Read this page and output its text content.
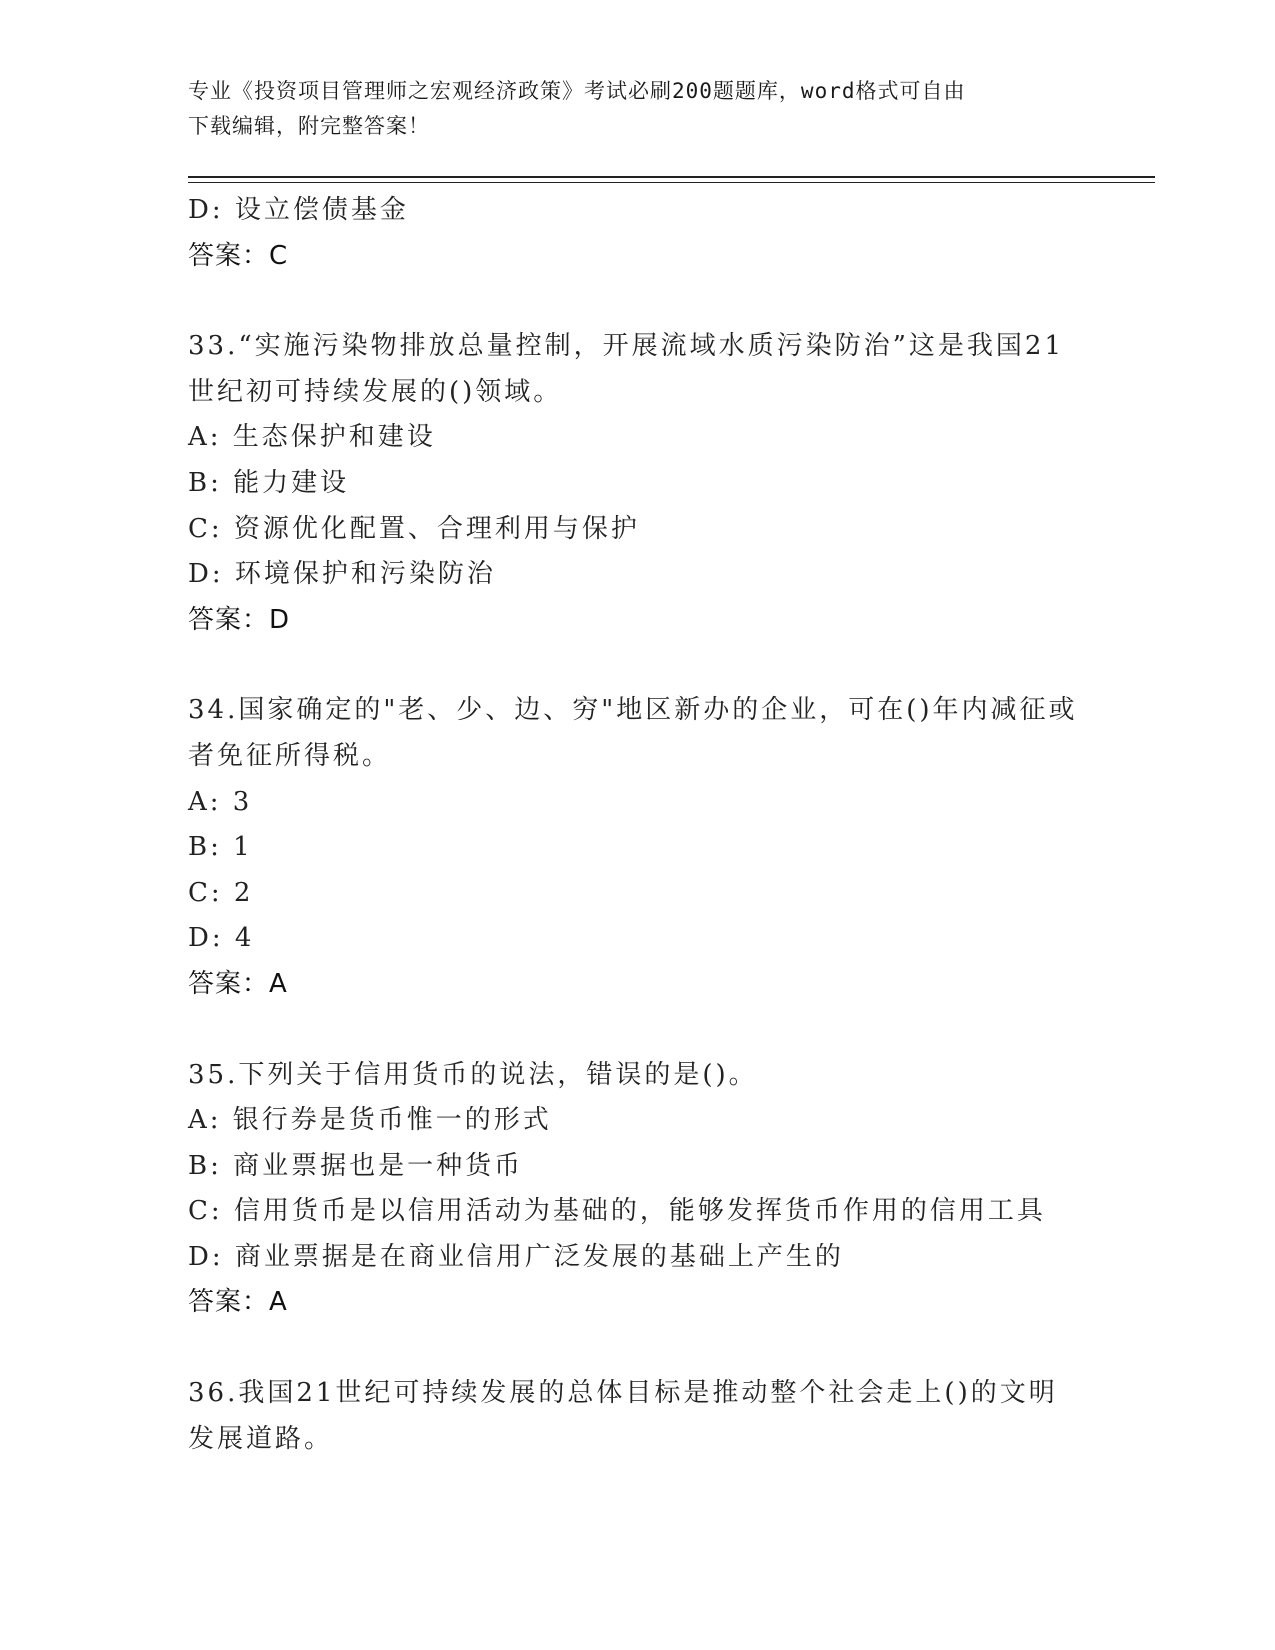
专业《投资项目管理师之宏观经济政策》考试必刷200题题库，word格式可自由
下载编辑，附完整答案！
D: 设立偿债基金
答案：C
33.“实施污染物排放总量控制，开展流域水质污染防治”这是我国21
世纪初可持续发展的()领域。
A: 生态保护和建设
B: 能力建设
C: 资源优化配置、合理利用与保护
D: 环境保护和污染防治
答案：D
34.国家确定的"老、少、边、穷"地区新办的企业，可在()年内减征或
者免征所得税。
A: 3
B: 1
C: 2
D: 4
答案：A
35.下列关于信用货币的说法，错误的是()。
A: 银行券是货币惟一的形式
B: 商业票据也是一种货币
C: 信用货币是以信用活动为基础的，能够发挥货币作用的信用工具
D: 商业票据是在商业信用广泛发展的基础上产生的
答案：A
36.我国21世纪可持续发展的总体目标是推动整个社会走上()的文明
发展道路。
